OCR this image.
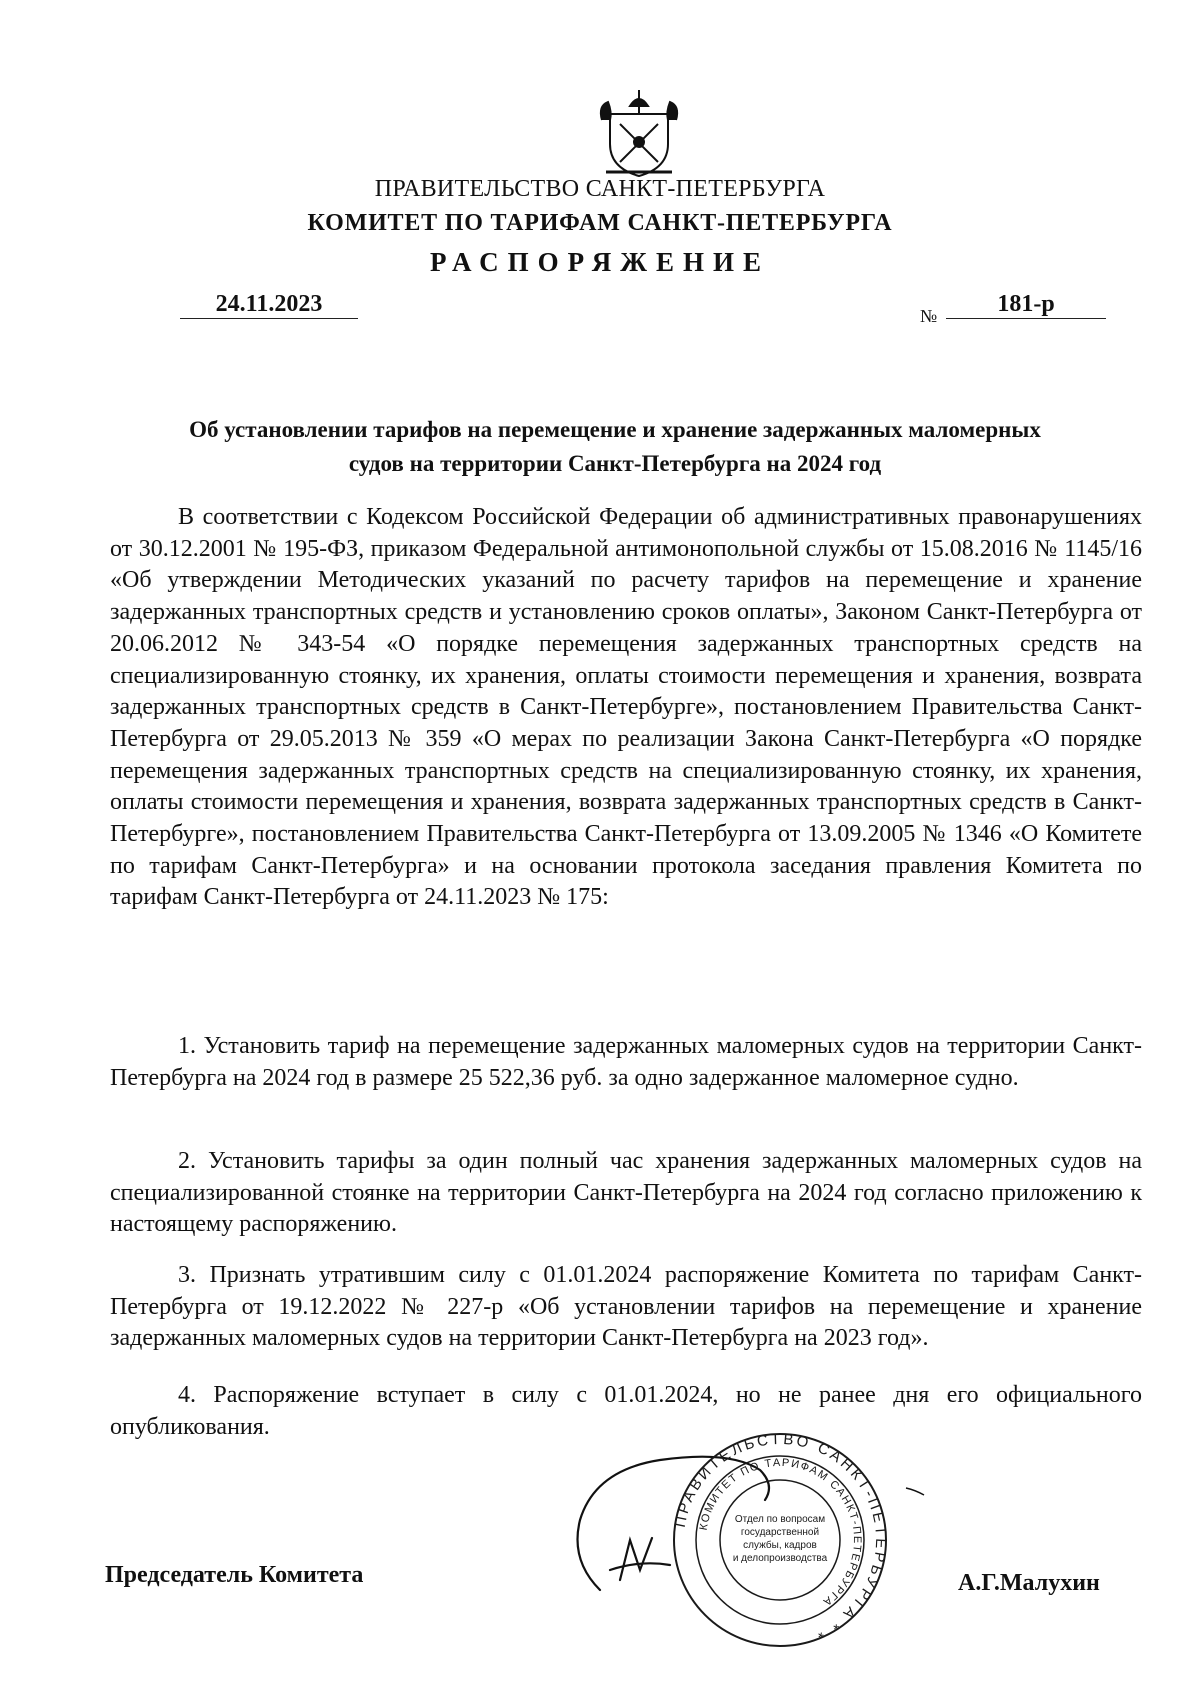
ПРАВИТЕЛЬСТВО САНКТ-ПЕТЕРБУРГА
КОМИТЕТ ПО ТАРИФАМ САНКТ-ПЕТЕРБУРГА
РАСПОРЯЖЕНИЕ
24.11.2023	№	181-р
Об установлении тарифов на перемещение и хранение задержанных маломерных
судов на территории Санкт-Петербурга на 2024 год
В соответствии с Кодексом Российской Федерации об административных правонарушениях от 30.12.2001 № 195-ФЗ, приказом Федеральной антимонопольной службы от 15.08.2016 № 1145/16 «Об утверждении Методических указаний по расчету тарифов на перемещение и хранение задержанных транспортных средств и установлению сроков оплаты», Законом Санкт-Петербурга от 20.06.2012 № 343-54 «О порядке перемещения задержанных транспортных средств на специализированную стоянку, их хранения, оплаты стоимости перемещения и хранения, возврата задержанных транспортных средств в Санкт-Петербурге», постановлением Правительства Санкт-Петербурга от 29.05.2013 № 359 «О мерах по реализации Закона Санкт-Петербурга «О порядке перемещения задержанных транспортных средств на специализированную стоянку, их хранения, оплаты стоимости перемещения и хранения, возврата задержанных транспортных средств в Санкт-Петербурге», постановлением Правительства Санкт-Петербурга от 13.09.2005 № 1346 «О Комитете по тарифам Санкт-Петербурга» и на основании протокола заседания правления Комитета по тарифам Санкт-Петербурга от 24.11.2023 № 175:
1. Установить тариф на перемещение задержанных маломерных судов на территории Санкт-Петербурга на 2024 год в размере 25 522,36 руб. за одно задержанное маломерное судно.
2. Установить тарифы за один полный час хранения задержанных маломерных судов на специализированной стоянке на территории Санкт-Петербурга на 2024 год согласно приложению к настоящему распоряжению.
3. Признать утратившим силу с 01.01.2024 распоряжение Комитета по тарифам Санкт-Петербурга от 19.12.2022 № 227-р «Об установлении тарифов на перемещение и хранение задержанных маломерных судов на территории Санкт-Петербурга на 2023 год».
4. Распоряжение вступает в силу с 01.01.2024, но не ранее дня его официального опубликования.
Председатель Комитета
ПРАВИТЕЛЬСТВО САНКТ-ПЕТЕРБУРГА * *
КОМИТЕТ ПО ТАРИФАМ САНКТ-ПЕТЕРБУРГА
Отдел по вопросам
государственной
службы, кадров
и делопроизводства
А.Г.Малухин
